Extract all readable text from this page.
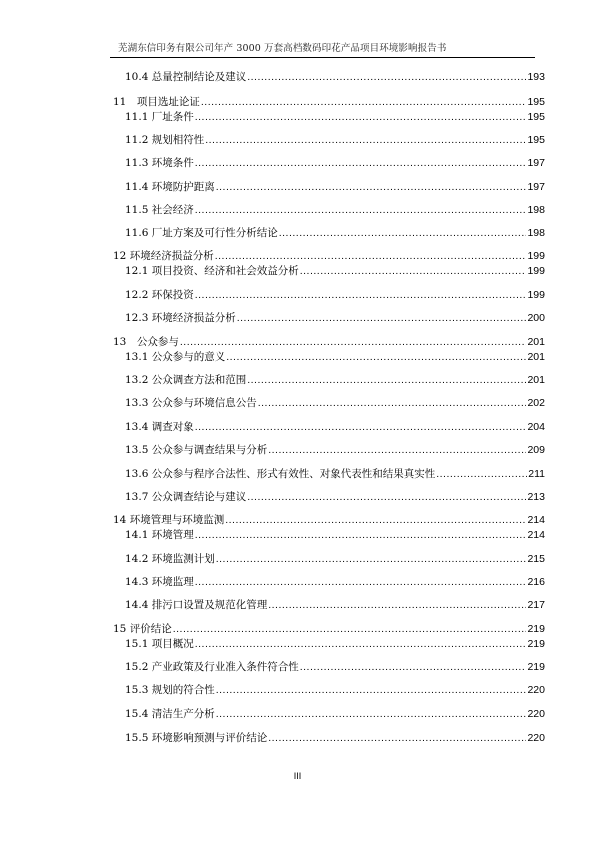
芜湖东信印务有限公司年产 3000 万套高档数码印花产品项目环境影响报告书
10.4 总量控制结论及建议 .....	193
11　项目选址论证 .....	195
11.1 厂址条件 .....	195
11.2 规划相符性 .....	195
11.3 环境条件 .....	197
11.4 环境防护距离 .....	197
11.5 社会经济 .....	198
11.6 厂址方案及可行性分析结论 .....	198
12 环境经济损益分析 .....	199
12.1 项目投资、经济和社会效益分析 .....	199
12.2 环保投资 .....	199
12.3 环境经济损益分析 .....	200
13　公众参与 .....	201
13.1 公众参与的意义 .....	201
13.2 公众调查方法和范围 .....	201
13.3 公众参与环境信息公告 .....	202
13.4 调查对象 .....	204
13.5 公众参与调查结果与分析 .....	209
13.6 公众参与程序合法性、形式有效性、对象代表性和结果真实性 .....	211
13.7 公众调查结论与建议 .....	213
14 环境管理与环境监测 .....	214
14.1 环境管理 .....	214
14.2 环境监测计划 .....	215
14.3 环境监理 .....	216
14.4 排污口设置及规范化管理 .....	217
15 评价结论 .....	219
15.1 项目概况 .....	219
15.2 产业政策及行业准入条件符合性 .....	219
15.3 规划的符合性 .....	220
15.4 清洁生产分析 .....	220
15.5 环境影响预测与评价结论 .....	220
III
